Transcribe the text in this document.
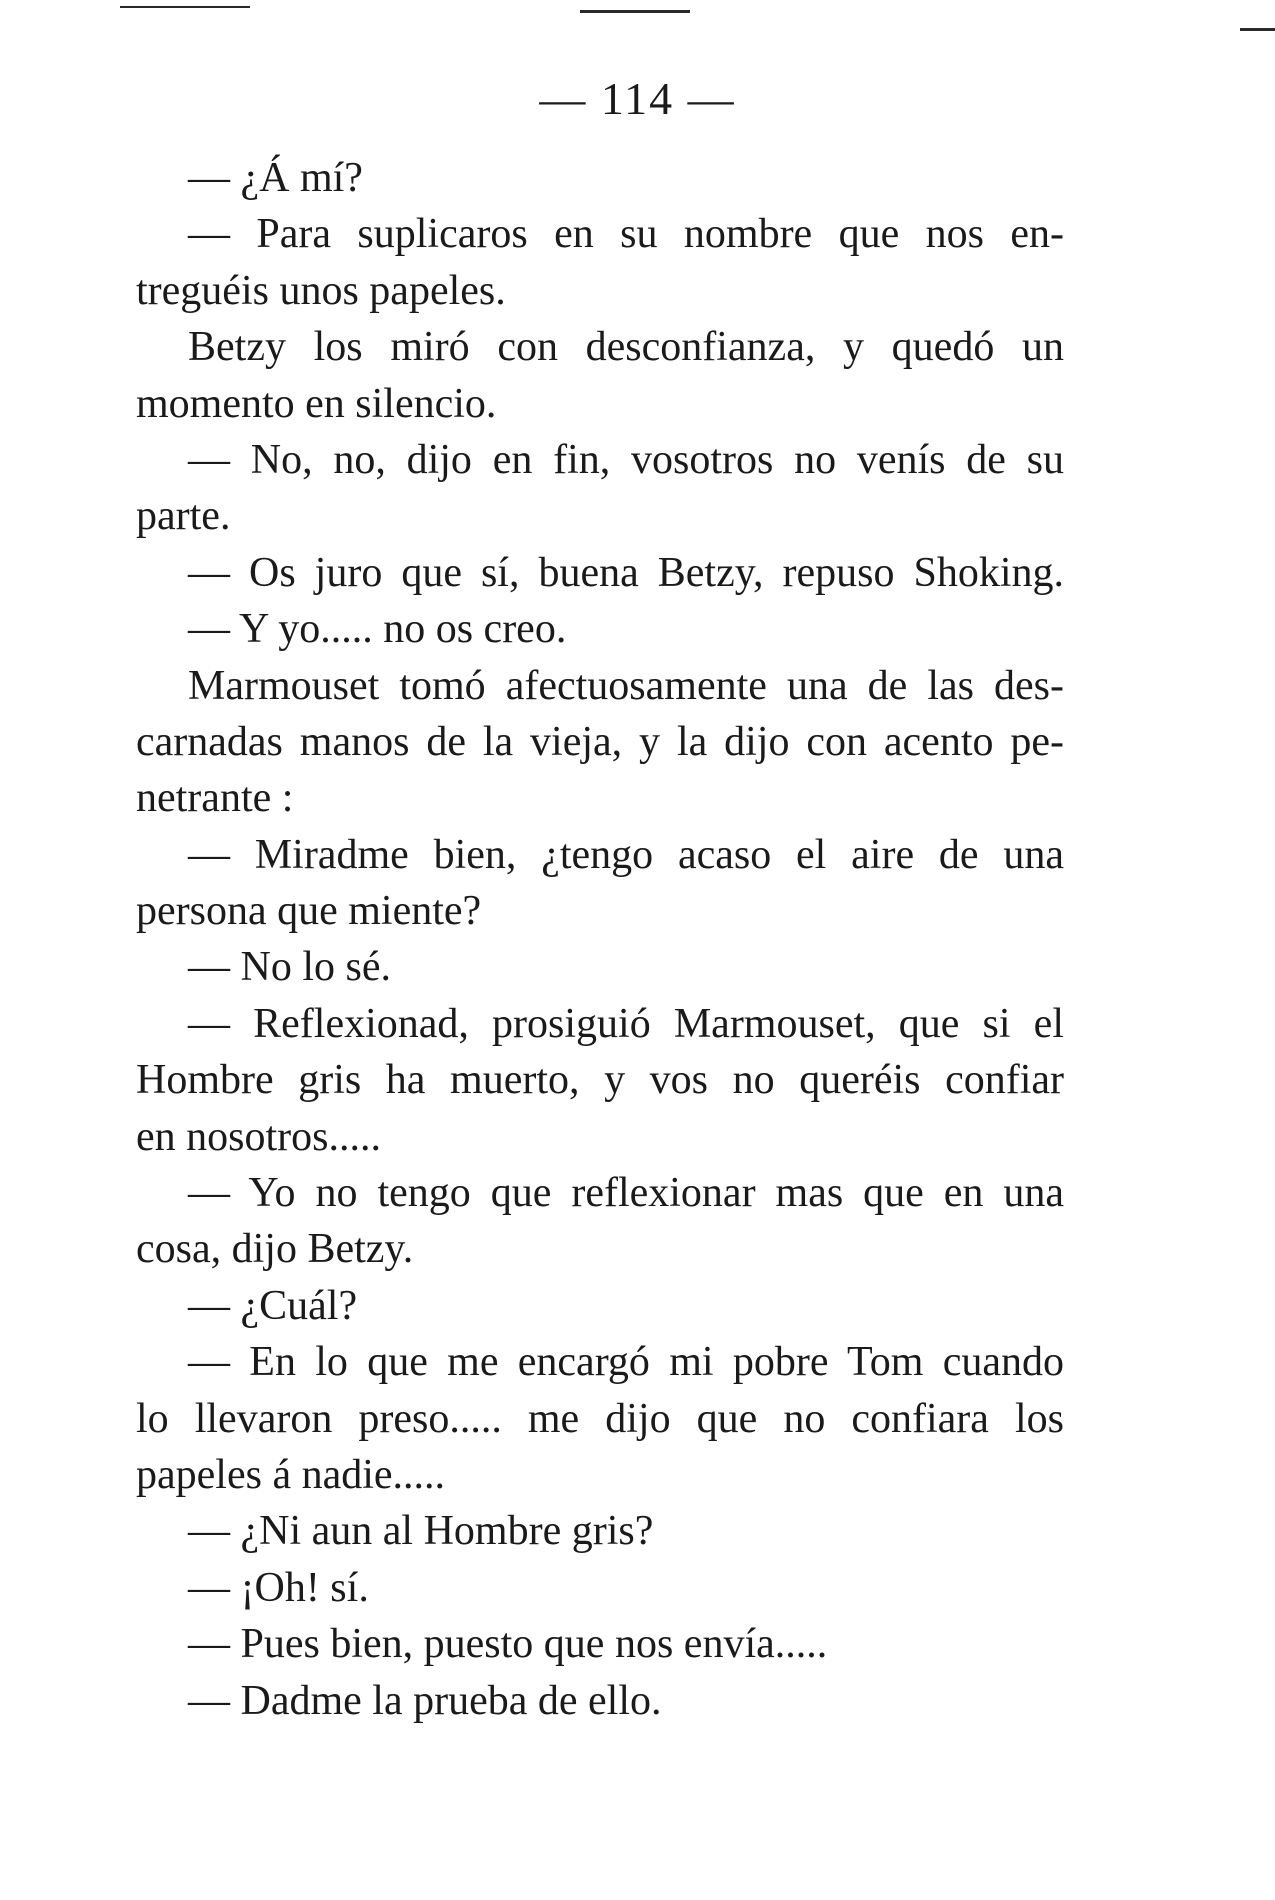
— 114 —
— ¿Á mí?
— Para suplicaros en su nombre que nos en-
treguéis unos papeles.
Betzy los miró con desconfianza, y quedó un
momento en silencio.
— No, no, dijo en fin, vosotros no venís de su
parte.
— Os juro que sí, buena Betzy, repuso Shoking.
— Y yo..... no os creo.
Marmouset tomó afectuosamente una de las des-
carnadas manos de la vieja, y la dijo con acento pe-
netrante :
— Miradme bien, ¿tengo acaso el aire de una
persona que miente?
— No lo sé.
— Reflexionad, prosiguió Marmouset, que si el
Hombre gris ha muerto, y vos no queréis confiar
en nosotros.....
— Yo no tengo que reflexionar mas que en una
cosa, dijo Betzy.
— ¿Cuál?
— En lo que me encargó mi pobre Tom cuando
lo llevaron preso..... me dijo que no confiara los
papeles á nadie.....
— ¿Ni aun al Hombre gris?
— ¡Oh! sí.
— Pues bien, puesto que nos envía.....
— Dadme la prueba de ello.
